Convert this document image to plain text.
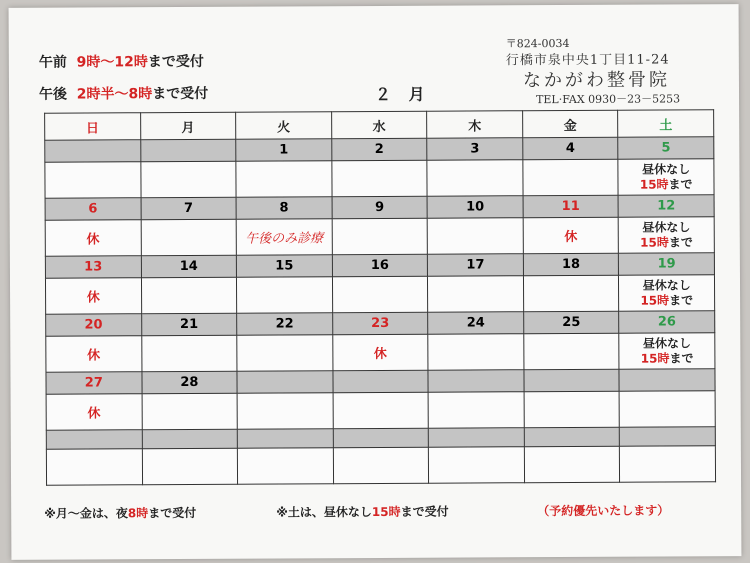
午前 9時～12時まで受付
午後 2時半～8時まで受付	２ 月
〒824-0034
行橋市泉中央1丁目11-24
なかがわ整骨院
TEL·FAX 0930－23－5253
日	月	火	水	木	金	土
		1	2	3	4	5

						昼休なし
15時まで

6	7	8	9	10	11	12
休		午後のみ診療			休	昼休なし
15時まで

13	14	15	16	17	18	19
休						昼休なし
15時まで

20	21	22	23	24	25	26
休			休			昼休なし
15時まで

27	28					
休						

※月～金は、夜8時まで受付	※土は、昼休なし15時まで受付	（予約優先いたします）
